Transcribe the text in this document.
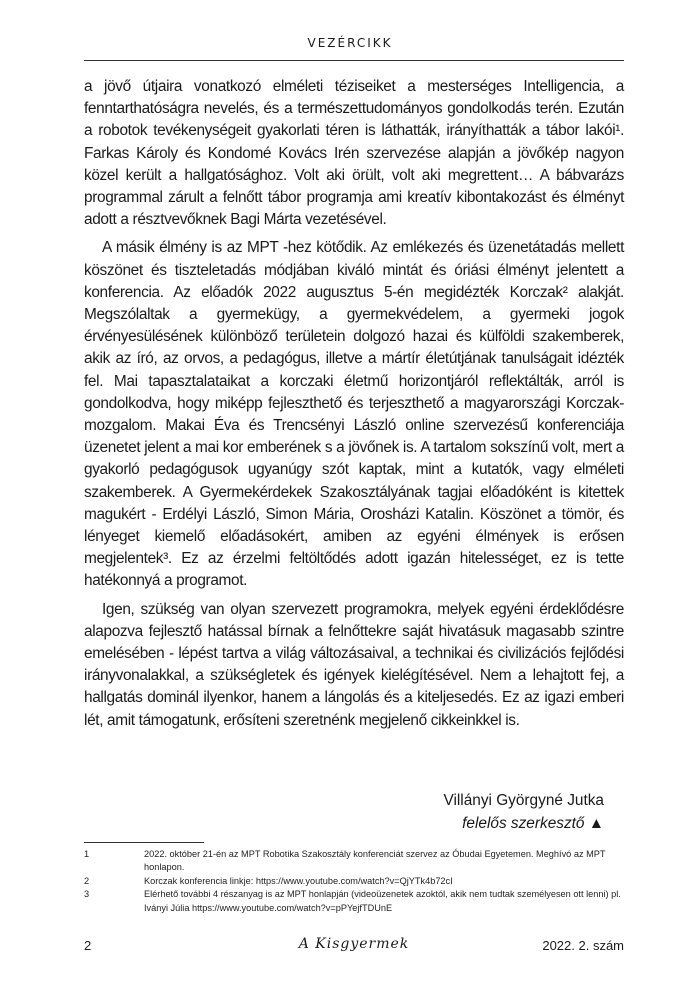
VEZÉRCIKK

a jövő útjaira vonatkozó elméleti téziseiket a mesterséges Intelligencia, a fenntarthatóságra nevelés, és a természettudományos gondolkodás terén. Ezután a robotok tevékenységeit gyakorlati téren is láthatták, irányíthatták a tábor lakói¹. Farkas Károly és Kondomé Kovács Irén szervezése alapján a jövőkép nagyon közel került a hallgatósághoz. Volt aki örült, volt aki megrettent… A bábvarázs programmal zárult a felnőtt tábor programja ami kreatív kibontakozást és élményt adott a résztvevőknek Bagi Márta vezetésével.

A másik élmény is az MPT -hez kötődik. Az emlékezés és üzenetátadás mellett köszönet és tiszteletadás módjában kiváló mintát és óriási élményt jelentett a konferencia. Az előadók 2022 augusztus 5-én megidézték Korczak² alakját. Megszólaltak a gyermekügy, a gyermekvédelem, a gyermeki jogok érvényesülésének különböző területein dolgozó hazai és külföldi szakemberek, akik az író, az orvos, a pedagógus, illetve a mártír életútjának tanulságait idézték fel. Mai tapasztalataikat a korczaki életmű horizontjáról reflektálták, arról is gondolkodva, hogy miképp fejleszthető és terjeszthető a magyarországi Korczak-mozgalom. Makai Éva és Trencsényi László online szervezésű konferenciája üzenetet jelent a mai kor emberének s a jövőnek is. A tartalom sokszínű volt, mert a gyakorló pedagógusok ugyanúgy szót kaptak, mint a kutatók, vagy elméleti szakemberek. A Gyermekérdekek Szakosztályának tagjai előadóként is kitettek magukért - Erdélyi László, Simon Mária, Orosházi Katalin. Köszönet a tömör, és lényeget kiemelő előadásokért, amiben az egyéni élmények is erősen megjelentek³. Ez az érzelmi feltöltődés adott igazán hitelességet, ez is tette hatékonnyá a programot.

Igen, szükség van olyan szervezett programokra, melyek egyéni érdeklődésre alapozva fejlesztő hatással bírnak a felnőttekre saját hivatásuk magasabb szintre emelésében - lépést tartva a világ változásaival, a technikai és civilizációs fejlődési irányvonalakkal, a szükségletek és igények kielégítésével. Nem a lehajtott fej, a hallgatás dominál ilyenkor, hanem a lángolás és a kiteljesedés. Ez az igazi emberi lét, amit támogatunk, erősíteni szeretnénk megjelenő cikkeinkkel is.

Villányi Györgyné Jutka
felelős szerkesztő ▲
1	2022. október 21-én az MPT Robotika Szakosztály konferenciát szervez az Óbudai Egyetemen. Meghívó az MPT honlapon.
2	Korczak konferencia linkje: https://www.youtube.com/watch?v=QjYTk4b72cI
3	Elérhető további 4 részanyag is az MPT honlapján (videoüzenetek azoktól, akik nem tudtak személyesen ott lenni) pl. Iványi Júlia https://www.youtube.com/watch?v=pPYejfTDUnE
2	A Kisgyermek	2022. 2. szám
